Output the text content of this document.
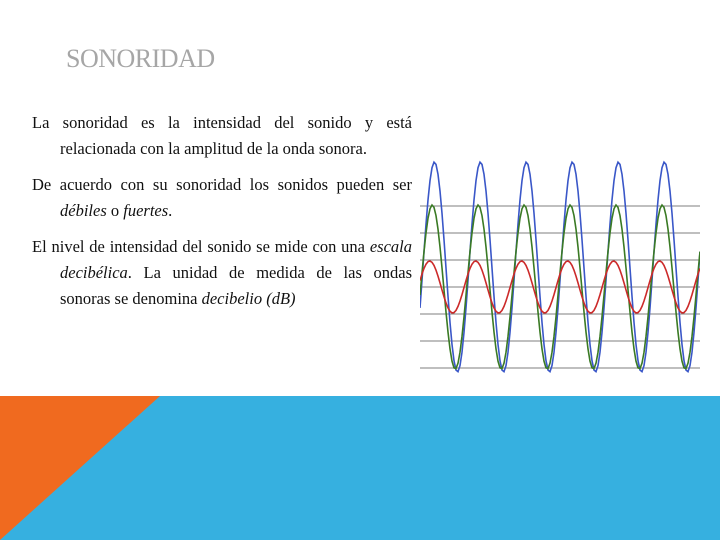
SONORIDAD

La sonoridad es la intensidad del sonido y está relacionada con la amplitud de la onda sonora.

De acuerdo con su sonoridad los sonidos pueden ser débiles o fuertes.

El nivel de intensidad del sonido se mide con una escala decibélica. La unidad de medida de las ondas sonoras se denomina decibelio (dB)
